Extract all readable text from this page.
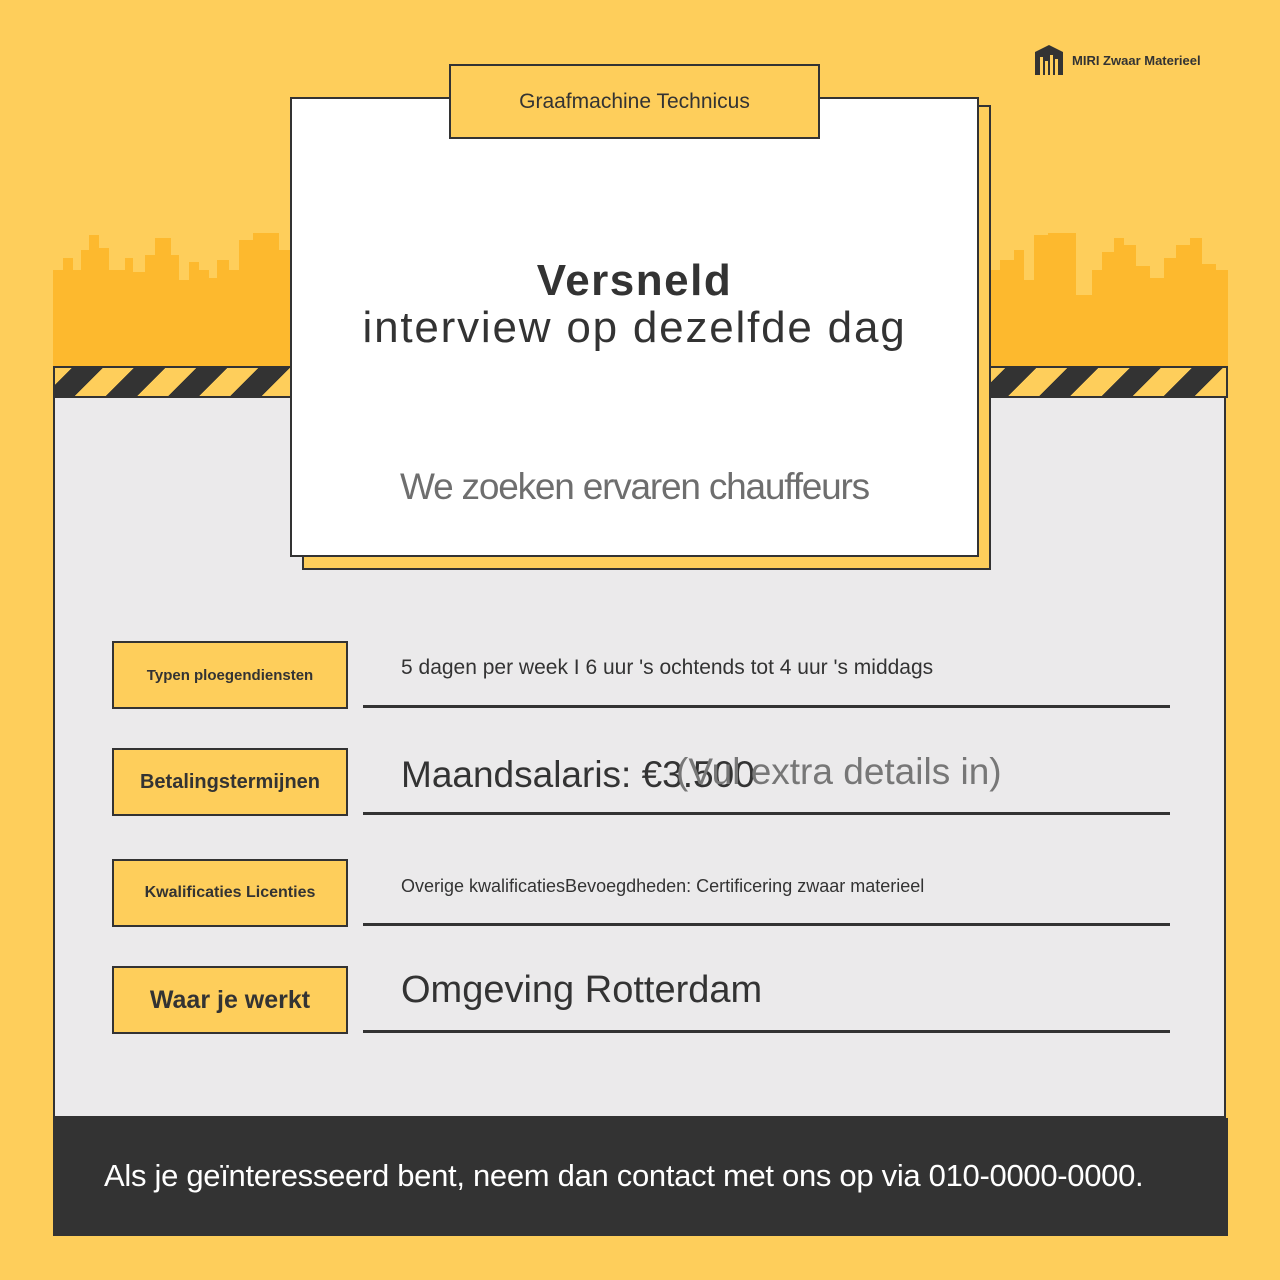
MIRI Zwaar Materieel
Graafmachine Technicus
Versneld
interview op dezelfde dag
We zoeken ervaren chauffeurs
Typen ploegendiensten	5 dagen per week I 6 uur 's ochtends tot 4 uur 's middags
Betalingstermijnen	Maandsalaris: €3.500
(Vul extra details in)
Kwalificaties Licenties	Overige kwalificatiesBevoegdheden: Certificering zwaar materieel
Waar je werkt	Omgeving Rotterdam
Als je geïnteresseerd bent, neem dan contact met ons op via 010-0000-0000.
